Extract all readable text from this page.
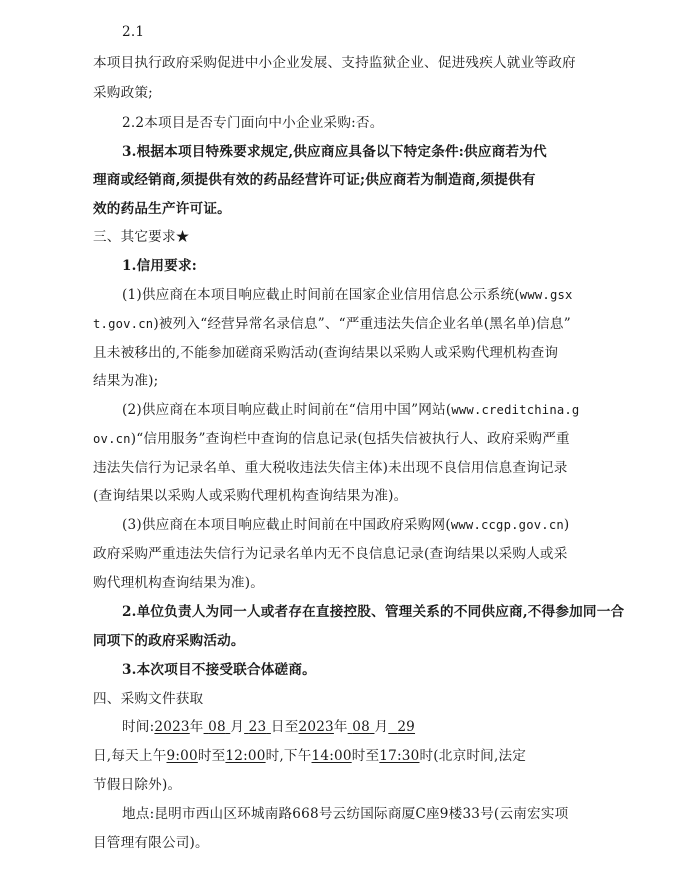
2.1
本项目执行政府采购促进中小企业发展、支持监狱企业、促进残疾人就业等政府
采购政策;
2.2本项目是否专门面向中小企业采购:否。
3.根据本项目特殊要求规定,供应商应具备以下特定条件:供应商若为代
理商或经销商,须提供有效的药品经营许可证;供应商若为制造商,须提供有
效的药品生产许可证。
三、其它要求★
1.信用要求:
(1)供应商在本项目响应截止时间前在国家企业信用信息公示系统(www.gsx
t.gov.cn)被列入“经营异常名录信息”、“严重违法失信企业名单(黑名单)信息”
且未被移出的,不能参加磋商采购活动(查询结果以采购人或采购代理机构查询
结果为准);
(2)供应商在本项目响应截止时间前在“信用中国”网站(www.creditchina.g
ov.cn)“信用服务”查询栏中查询的信息记录(包括失信被执行人、政府采购严重
违法失信行为记录名单、重大税收违法失信主体)未出现不良信用信息查询记录
(查询结果以采购人或采购代理机构查询结果为准)。
(3)供应商在本项目响应截止时间前在中国政府采购网(www.ccgp.gov.cn)
政府采购严重违法失信行为记录名单内无不良信息记录(查询结果以采购人或采
购代理机构查询结果为准)。
2.单位负责人为同一人或者存在直接控股、管理关系的不同供应商,不得参加同一合
同项下的政府采购活动。
3.本次项目不接受联合体磋商。
四、采购文件获取
时间:2023年 08 月 23 日至2023年 08 月 29
日,每天上午9:00时至12:00时,下午14:00时至17:30时(北京时间,法定
节假日除外)。
地点:昆明市西山区环城南路668号云纺国际商厦C座9楼33号(云南宏实项
目管理有限公司)。
